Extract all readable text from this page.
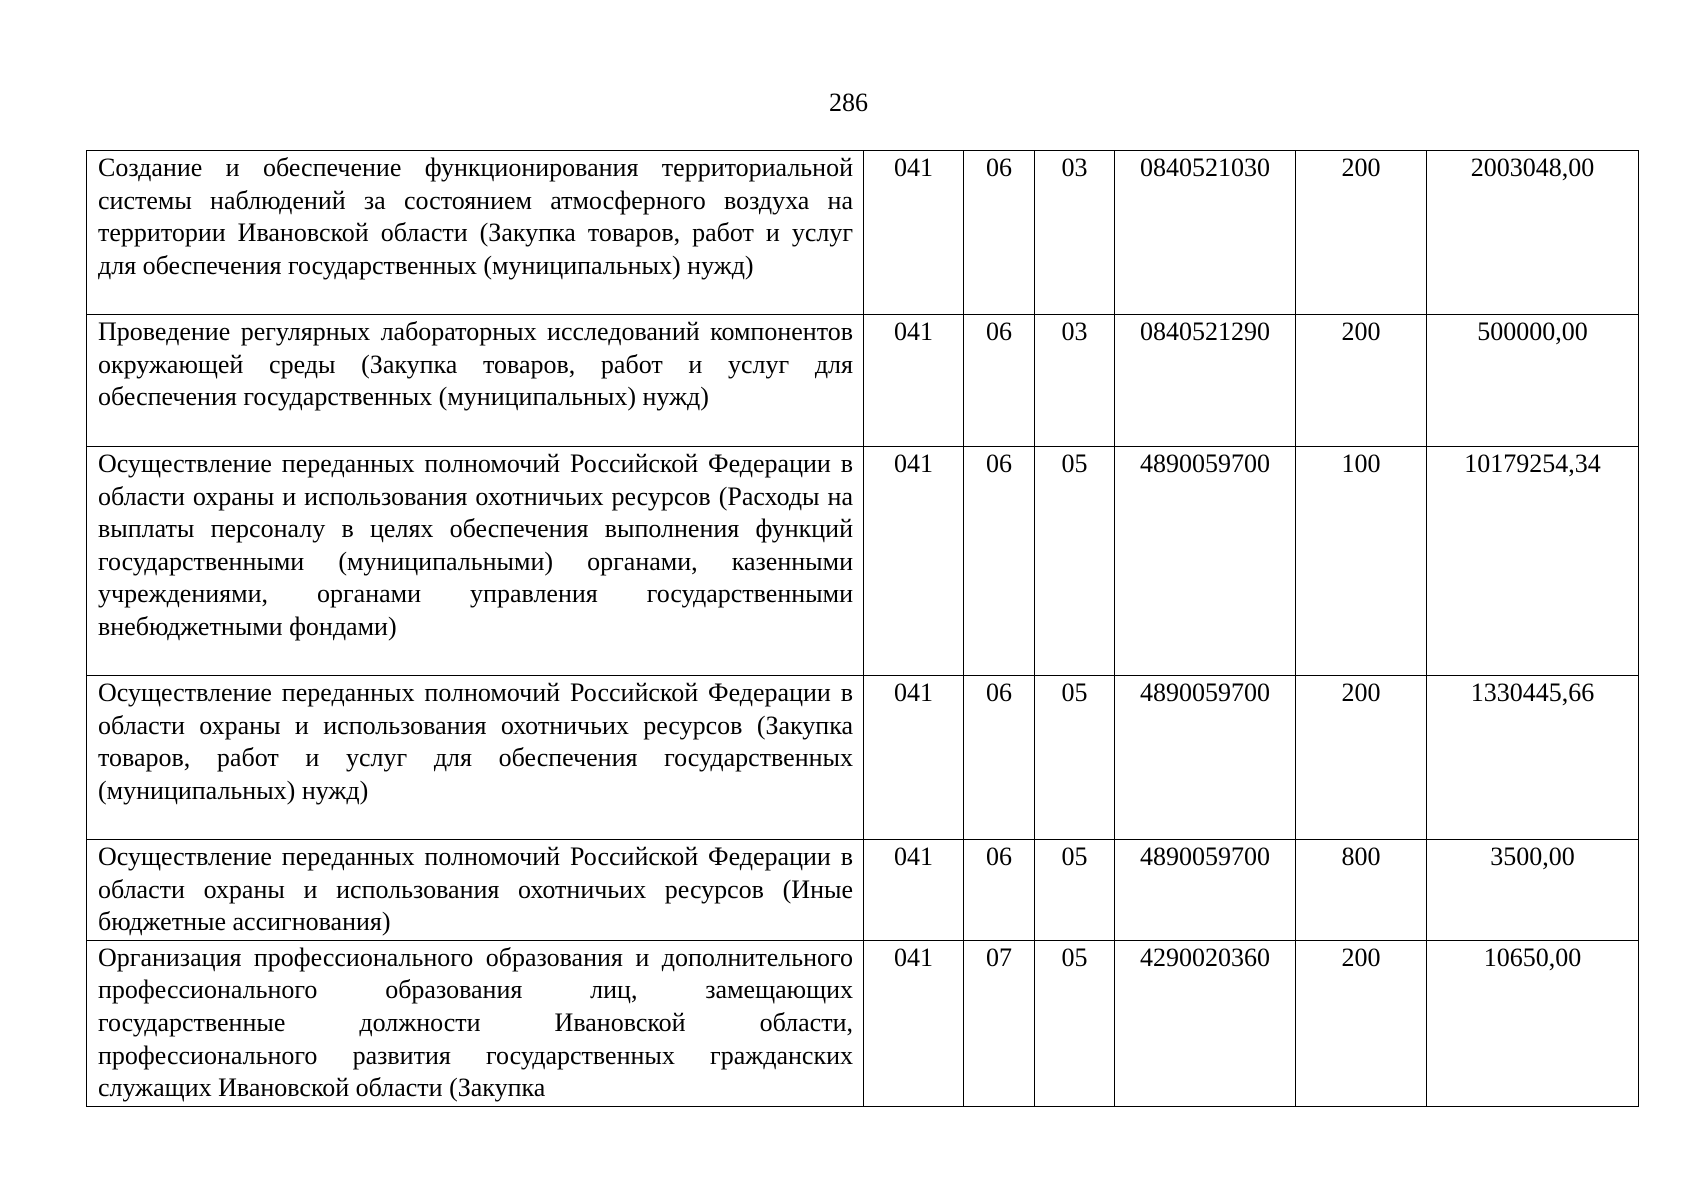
286
Создание и обеспечение функционирования территориальной системы наблюдений за состоянием атмосферного воздуха на территории Ивановской области (Закупка товаров, работ и услуг для обеспечения государственных (муниципальных) нужд)	041	06	03	0840521030	200	2003048,00
Проведение регулярных лабораторных исследований компонентов окружающей среды (Закупка товаров, работ и услуг для обеспечения государственных (муниципальных) нужд)	041	06	03	0840521290	200	500000,00
Осуществление переданных полномочий Российской Федерации в области охраны и использования охотничьих ресурсов (Расходы на выплаты персоналу в целях обеспечения выполнения функций государственными (муниципальными) органами, казенными учреждениями, органами управления государственными внебюджетными фондами)	041	06	05	4890059700	100	10179254,34
Осуществление переданных полномочий Российской Федерации в области охраны и использования охотничьих ресурсов (Закупка товаров, работ и услуг для обеспечения государственных (муниципальных) нужд)	041	06	05	4890059700	200	1330445,66
Осуществление переданных полномочий Российской Федерации в области охраны и использования охотничьих ресурсов (Иные бюджетные ассигнования)	041	06	05	4890059700	800	3500,00
Организация профессионального образования и дополнительного профессионального образования лиц, замещающих государственные должности Ивановской области, профессионального развития государственных гражданских служащих Ивановской области (Закупка	041	07	05	4290020360	200	10650,00
